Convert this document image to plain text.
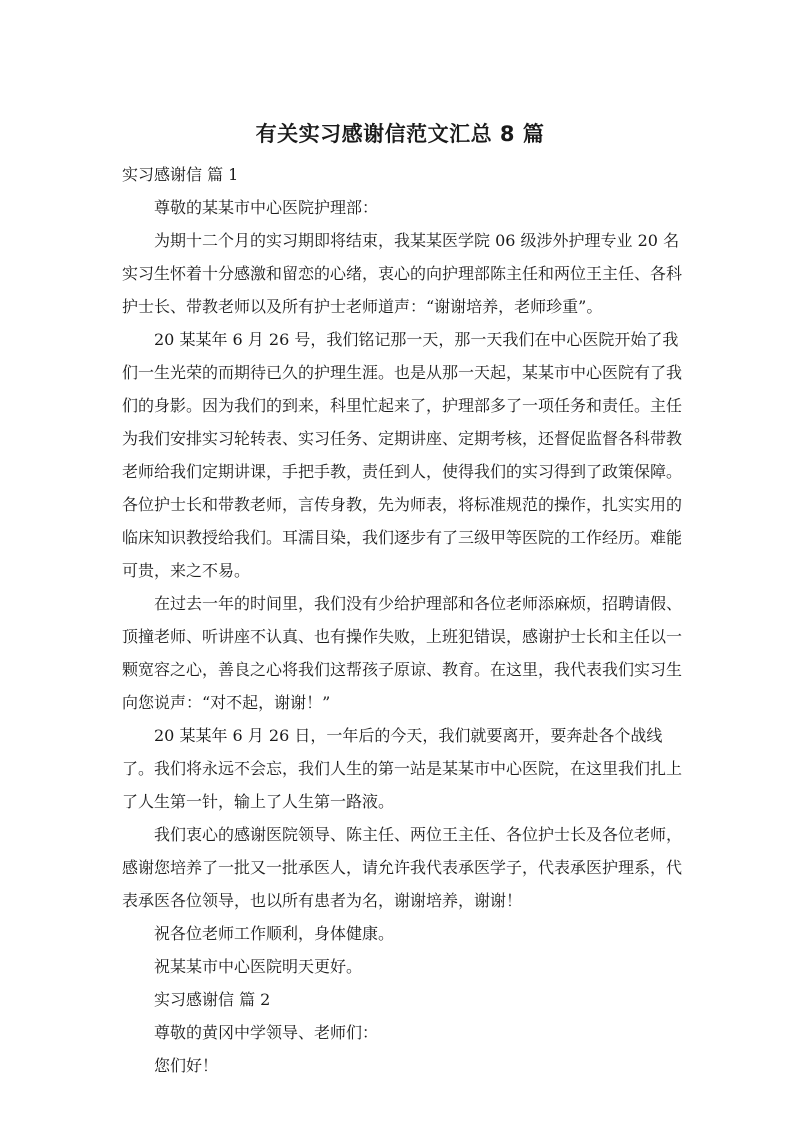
有关实习感谢信范文汇总 8 篇

实习感谢信 篇 1

尊敬的某某市中心医院护理部：

为期十二个月的实习期即将结束，我某某医学院 06 级涉外护理专业 20 名实习生怀着十分感激和留恋的心绪，衷心的向护理部陈主任和两位王主任、各科护士长、带教老师以及所有护士老师道声：“谢谢培养，老师珍重”。

20 某某年 6 月 26 号，我们铭记那一天，那一天我们在中心医院开始了我们一生光荣的而期待已久的护理生涯。也是从那一天起，某某市中心医院有了我们的身影。因为我们的到来，科里忙起来了，护理部多了一项任务和责任。主任为我们安排实习轮转表、实习任务、定期讲座、定期考核，还督促监督各科带教老师给我们定期讲课，手把手教，责任到人，使得我们的实习得到了政策保障。各位护士长和带教老师，言传身教，先为师表，将标准规范的操作，扎实实用的临床知识教授给我们。耳濡目染，我们逐步有了三级甲等医院的工作经历。难能可贵，来之不易。

在过去一年的时间里，我们没有少给护理部和各位老师添麻烦，招聘请假、顶撞老师、听讲座不认真、也有操作失败，上班犯错误，感谢护士长和主任以一颗宽容之心，善良之心将我们这帮孩子原谅、教育。在这里，我代表我们实习生向您说声：“对不起，谢谢！”

20 某某年 6 月 26 日，一年后的今天，我们就要离开，要奔赴各个战线了。我们将永远不会忘，我们人生的第一站是某某市中心医院，在这里我们扎上了人生第一针，输上了人生第一路液。

我们衷心的感谢医院领导、陈主任、两位王主任、各位护士长及各位老师，感谢您培养了一批又一批承医人，请允许我代表承医学子，代表承医护理系，代表承医各位领导，也以所有患者为名，谢谢培养，谢谢！

祝各位老师工作顺利，身体健康。

祝某某市中心医院明天更好。

实习感谢信 篇 2

尊敬的黄冈中学领导、老师们：

您们好！
